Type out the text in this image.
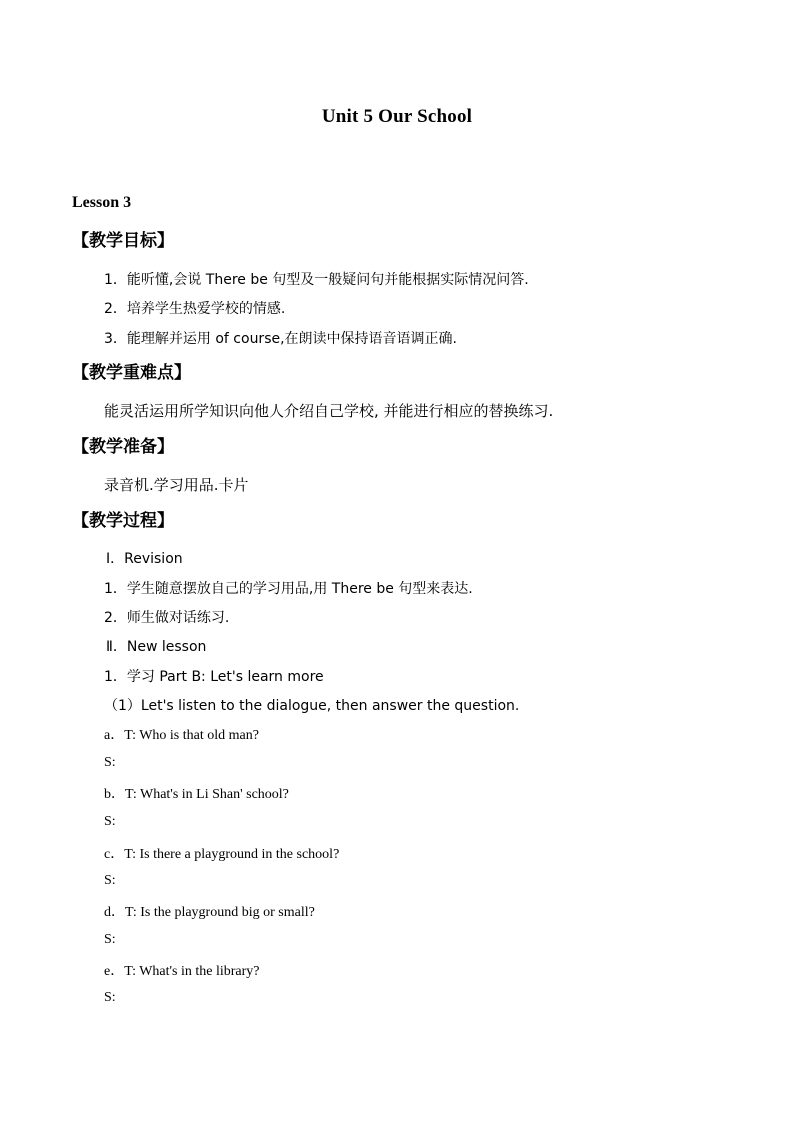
Unit 5 Our School
Lesson 3
【教学目标】
1．能听懂,会说 There be 句型及一般疑问句并能根据实际情况问答.
2．培养学生热爱学校的情感.
3．能理解并运用 of course,在朗读中保持语音语调正确.
【教学重难点】
能灵活运用所学知识向他人介绍自己学校, 并能进行相应的替换练习.
【教学准备】
录音机.学习用品.卡片
【教学过程】
Ⅰ．Revision
1．学生随意摆放自己的学习用品,用 There be 句型来表达.
2．师生做对话练习.
Ⅱ．New lesson
1．学习 Part B: Let's learn more
（1）Let's listen to the dialogue, then answer the question.
a．T: Who is that old man?
S:
b．T: What's in Li Shan' school?
S:
c．T: Is there a playground in the school?
S:
d．T: Is the playground big or small?
S:
e．T: What's in the library?
S:
